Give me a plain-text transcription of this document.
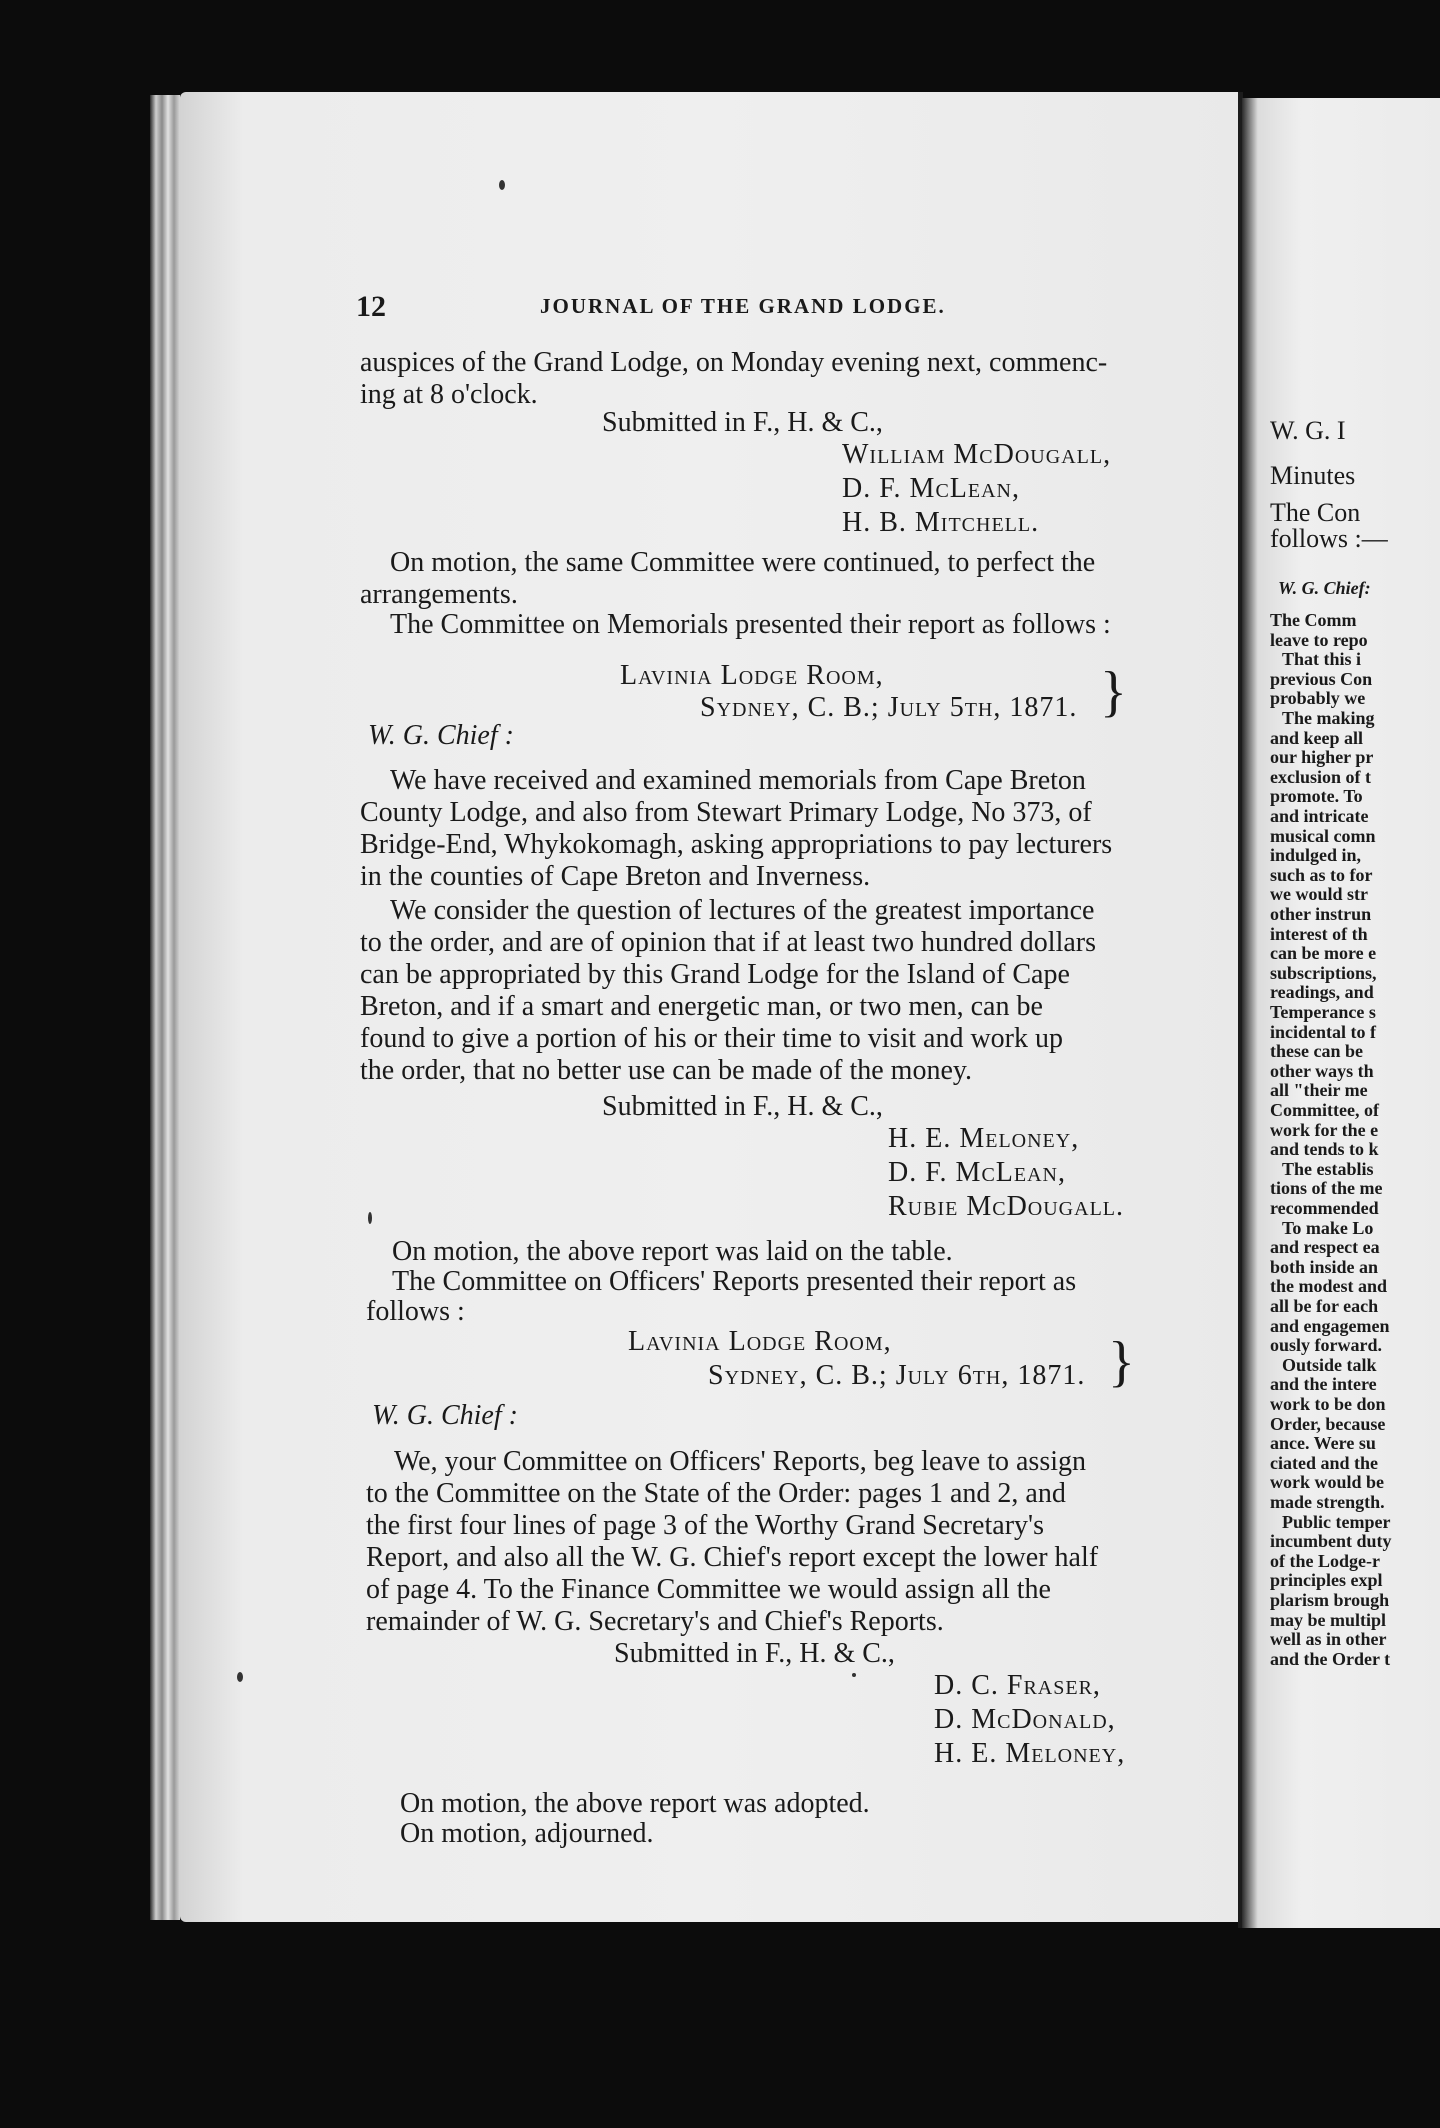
12	JOURNAL OF THE GRAND LODGE.
auspices of the Grand Lodge, on Monday evening next, commenc-
ing at 8 o'clock.
Submitted in F., H. & C.,
William McDougall,
D. F. McLean,
H. B. Mitchell.
On motion, the same Committee were continued, to perfect the
arrangements.
The Committee on Memorials presented their report as follows :
Lavinia Lodge Room,
Sydney, C. B.; July 5th, 1871. }
W. G. Chief :
We have received and examined memorials from Cape Breton
County Lodge, and also from Stewart Primary Lodge, No 373, of
Bridge-End, Whykokomagh, asking appropriations to pay lecturers
in the counties of Cape Breton and Inverness.
We consider the question of lectures of the greatest importance
to the order, and are of opinion that if at least two hundred dollars
can be appropriated by this Grand Lodge for the Island of Cape
Breton, and if a smart and energetic man, or two men, can be
found to give a portion of his or their time to visit and work up
the order, that no better use can be made of the money.
Submitted in F., H. & C.,
H. E. Meloney,
D. F. McLean,
Rubie McDougall.
On motion, the above report was laid on the table.
The Committee on Officers' Reports presented their report as
follows :
Lavinia Lodge Room,
Sydney, C. B.; July 6th, 1871. }
W. G. Chief :
We, your Committee on Officers' Reports, beg leave to assign
to the Committee on the State of the Order: pages 1 and 2, and
the first four lines of page 3 of the Worthy Grand Secretary's
Report, and also all the W. G. Chief's report except the lower half
of page 4. To the Finance Committee we would assign all the
remainder of W. G. Secretary's and Chief's Reports.
Submitted in F., H. & C.,
D. C. Fraser,
D. McDonald,
H. E. Meloney,
On motion, the above report was adopted.
On motion, adjourned.
W. G. I
Minutes
The Con
follows :—
W. G. Chief:
The Comm
leave to repo
That this i
previous Con
probably we
The making
and keep all
our higher pr
exclusion of t
promote. To
and intricate
musical comn
indulged in,
such as to for
we would str
other instrun
interest of th
can be more e
subscriptions,
readings, and
Temperance s
incidental to f
these can be
other ways th
all "their me
Committee, of
work for the e
and tends to k
The establis
tions of the me
recommended
To make Lo
and respect ea
both inside an
the modest and
all be for each
and engagemen
ously forward.
Outside talk
and the intere
work to be don
Order, because
ance. Were su
ciated and the
work would be
made strength.
Public temper
incumbent duty
of the Lodge-r
principles expl
plarism brough
may be multipl
well as in other
and the Order t
